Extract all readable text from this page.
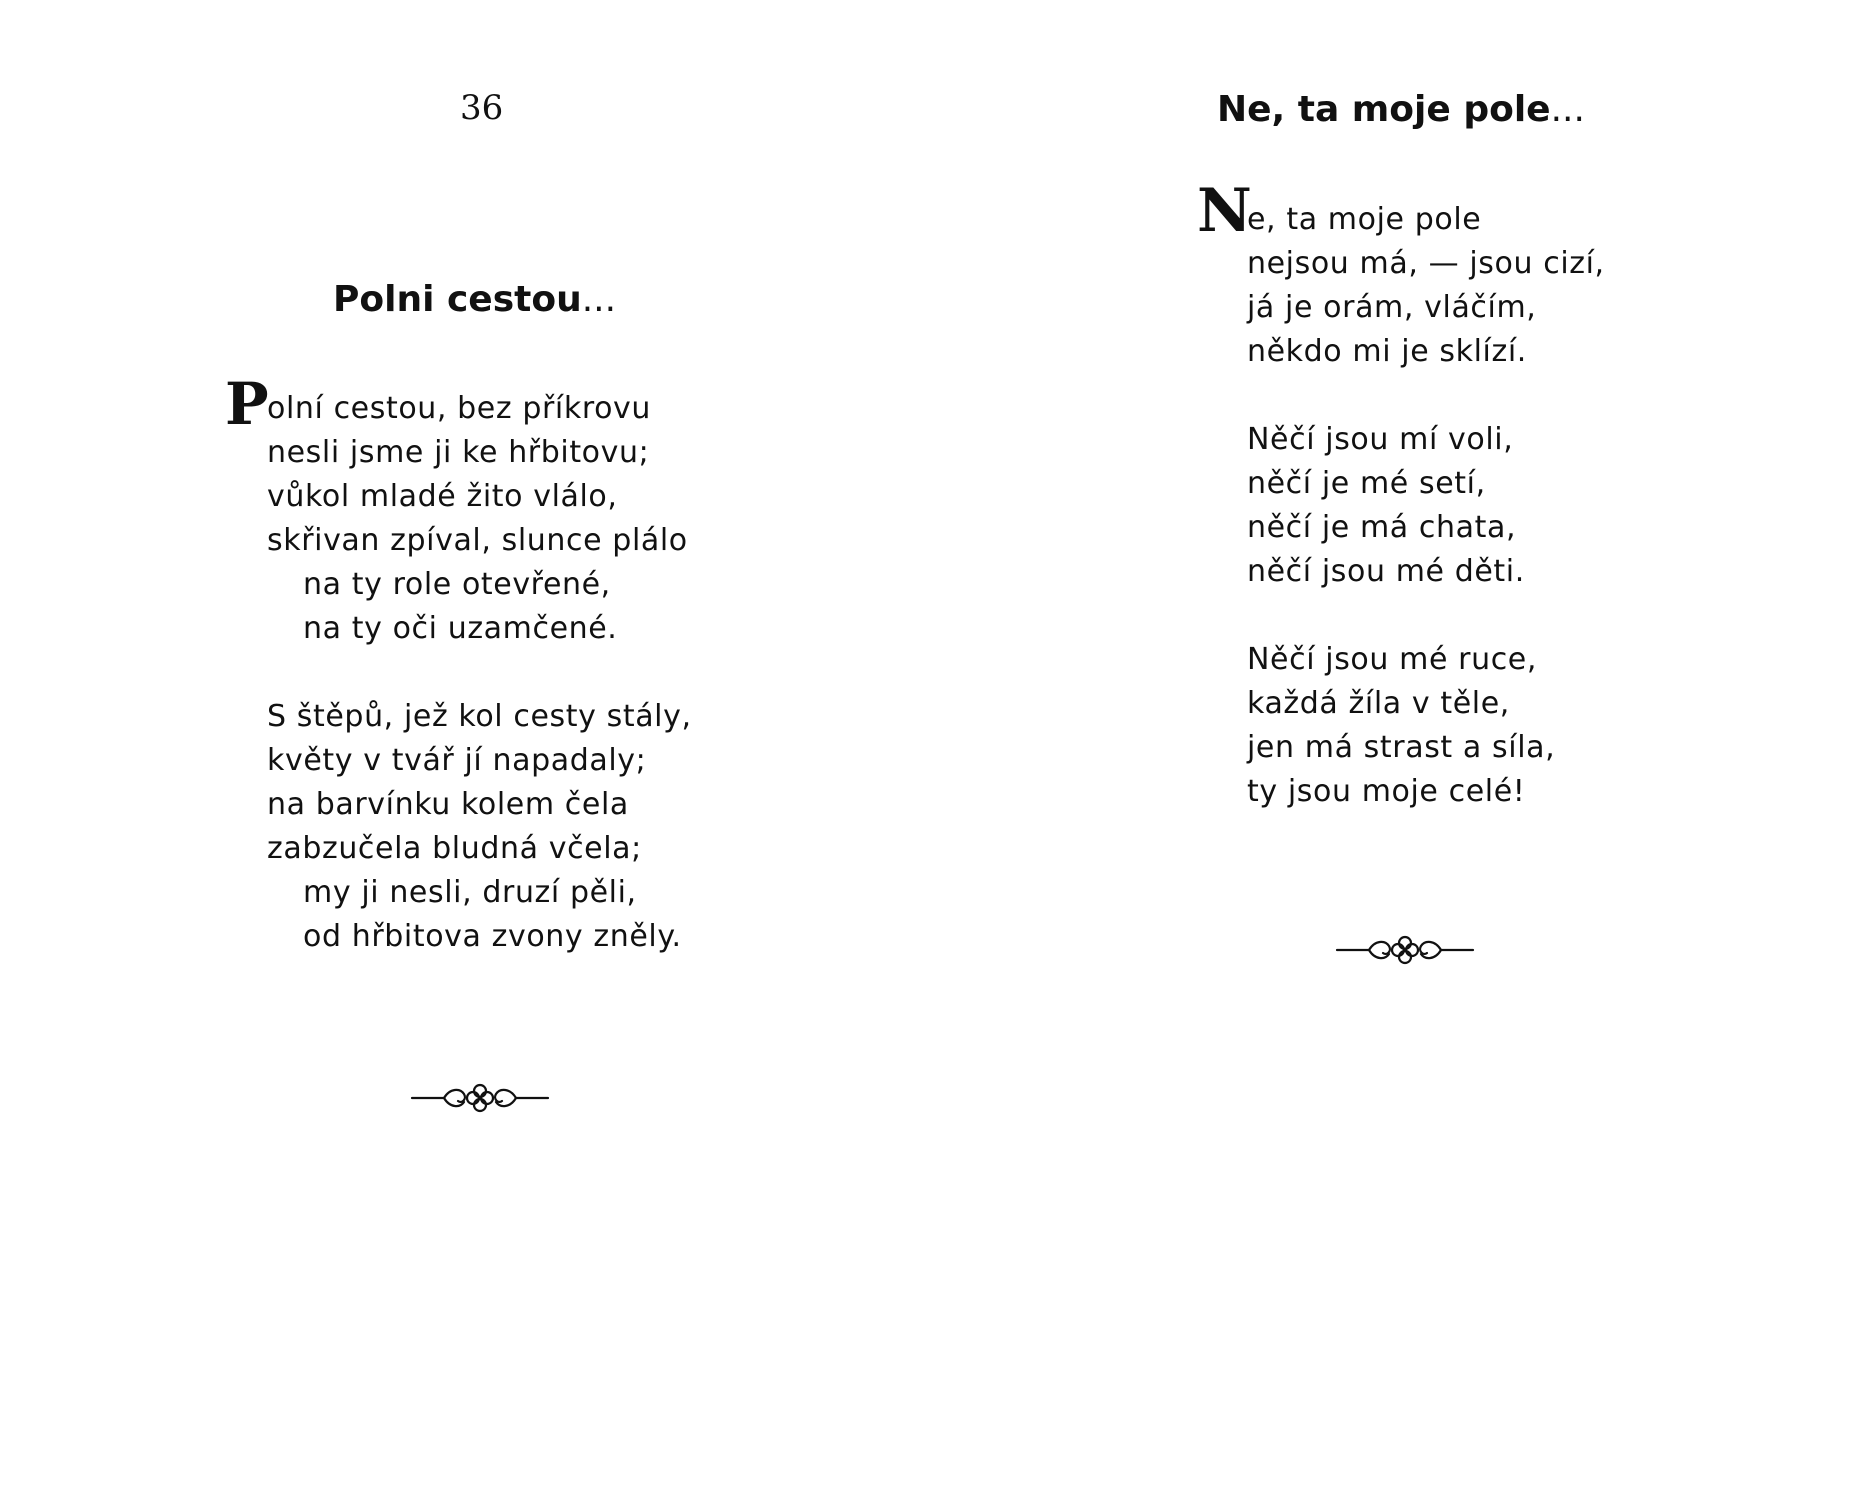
36
Polni cestou...
P
olní cestou, bez příkrovu
nesli jsme ji ke hřbitovu;
vůkol mladé žito vlálo,
skřivan zpíval, slunce plálo
na ty role otevřené,
na ty oči uzamčené.
S štěpů, jež kol cesty stály,
květy v tvář jí napadaly;
na barvínku kolem čela
zabzučela bludná včela;
my ji nesli, druzí pěli,
od hřbitova zvony zněly.
Ne, ta moje pole...
N
e, ta moje pole
nejsou má, — jsou cizí,
já je orám, vláčím,
někdo mi je sklízí.
Něčí jsou mí voli,
něčí je mé setí,
něčí je má chata,
něčí jsou mé děti.
Něčí jsou mé ruce,
každá žíla v těle,
jen má strast a síla,
ty jsou moje celé!
